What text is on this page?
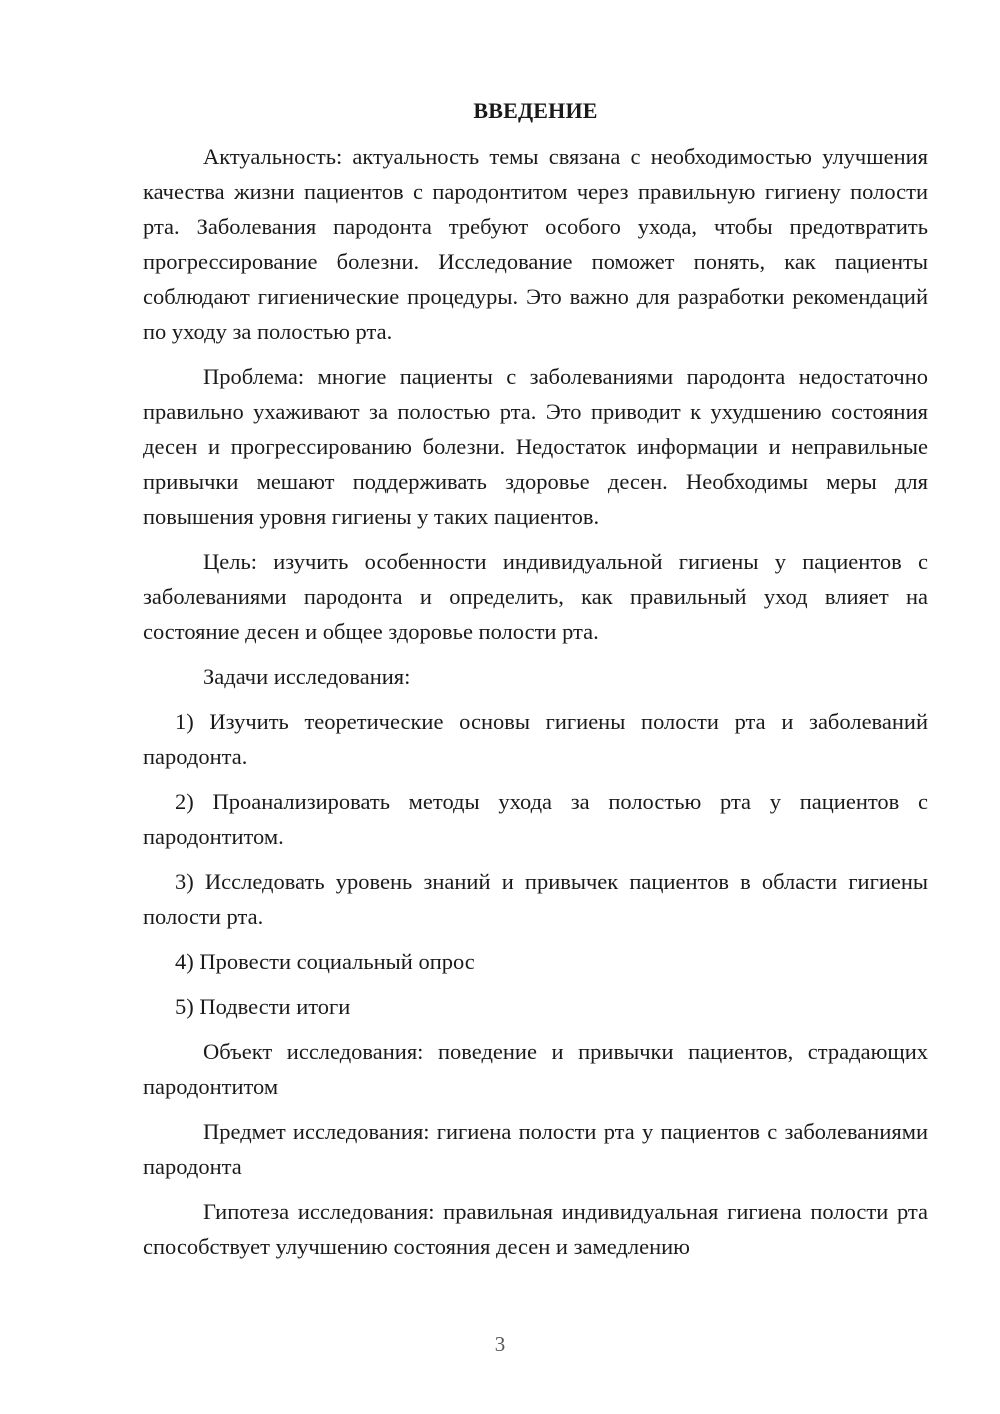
ВВЕДЕНИЕ
Актуальность: актуальность темы связана с необходимостью улучшения качества жизни пациентов с пародонтитом через правильную гигиену полости рта. Заболевания пародонта требуют особого ухода, чтобы предотвратить прогрессирование болезни. Исследование поможет понять, как пациенты соблюдают гигиенические процедуры. Это важно для разработки рекомендаций по уходу за полостью рта.
Проблема: многие пациенты с заболеваниями пародонта недостаточно правильно ухаживают за полостью рта. Это приводит к ухудшению состояния десен и прогрессированию болезни. Недостаток информации и неправильные привычки мешают поддерживать здоровье десен. Необходимы меры для повышения уровня гигиены у таких пациентов.
Цель: изучить особенности индивидуальной гигиены у пациентов с заболеваниями пародонта и определить, как правильный уход влияет на состояние десен и общее здоровье полости рта.
Задачи исследования:
1) Изучить теоретические основы гигиены полости рта и заболеваний пародонта.
2) Проанализировать методы ухода за полостью рта у пациентов с пародонтитом.
3) Исследовать уровень знаний и привычек пациентов в области гигиены полости рта.
4) Провести социальный опрос
5) Подвести итоги
Объект исследования: поведение и привычки пациентов, страдающих пародонтитом
Предмет исследования: гигиена полости рта у пациентов с заболеваниями пародонта
Гипотеза исследования: правильная индивидуальная гигиена полости рта способствует улучшению состояния десен и замедлению
3
